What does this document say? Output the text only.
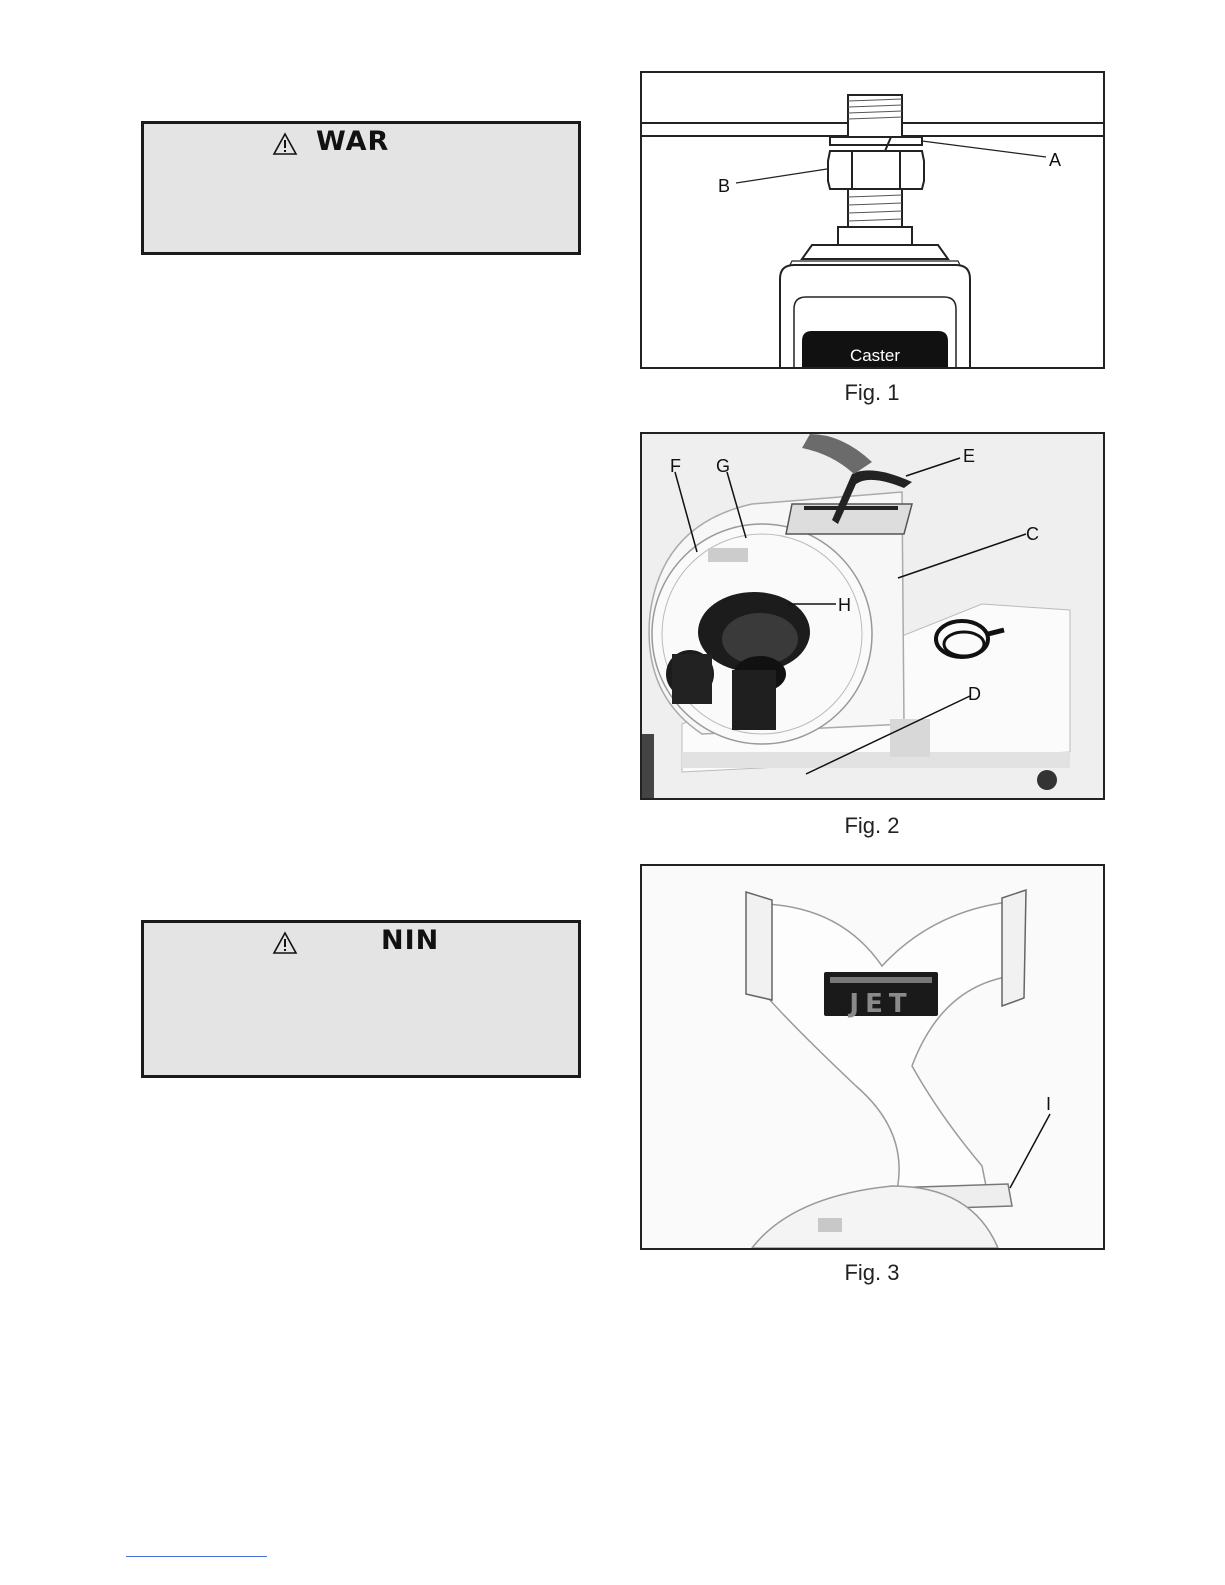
WAR
NIN
Caster
A
B
Fig. 1
F G	E
C
H
D
Fig. 2
JET
I
Fig. 3
